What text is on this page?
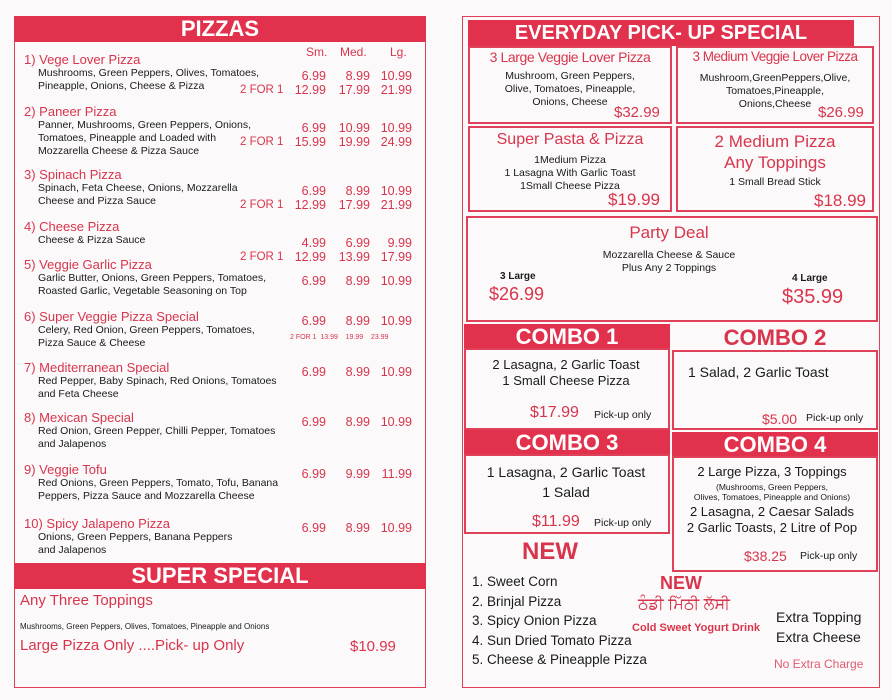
PIZZAS
Sm. Med. Lg.
1) Vege Lover Pizza
Mushrooms, Green Peppers, Olives, Tomatoes,
Pineapple, Onions, Cheese & Pizza
6.99	8.99 10.99
2 FOR 1 12.99	17.99 21.99
2) Paneer Pizza
Panner, Mushrooms, Green Peppers, Onions,
Tomatoes, Pineapple and Loaded with
Mozzarella Cheese & Pizza Sauce
6.99 10.99 10.99
2 FOR 1 15.99	19.99 24.99
3) Spinach Pizza
Spinach, Feta Cheese, Onions, Mozzarella
Cheese and Pizza Sauce
6.99	8.99 10.99
2 FOR 1 12.99	17.99 21.99
4) Cheese Pizza
Cheese & Pizza Sauce	4.99	6.99	9.99
2 FOR 1 12.99	13.99 17.99
5) Veggie Garlic Pizza
Garlic Butter, Onions, Green Peppers, Tomatoes,
Roasted Garlic, Vegetable Seasoning on Top
6.99	8.99 10.99
6) Super Veggie Pizza Special
Celery, Red Onion, Green Peppers, Tomatoes,
Pizza Sauce & Cheese
6.99	8.99 10.99
2 FOR 1  13.99    19.99    23.99
7) Mediterranean Special
Red Pepper, Baby Spinach, Red Onions, Tomatoes
and Feta Cheese
6.99	8.99 10.99
8) Mexican Special
Red Onion, Green Pepper, Chilli Pepper, Tomatoes
and Jalapenos
6.99	8.99 10.99
9) Veggie Tofu
Red Onions, Green Peppers, Tomato, Tofu, Banana
Peppers, Pizza Sauce and Mozzarella Cheese
6.99	9.99 11.99
10) Spicy Jalapeno Pizza
Onions, Green Peppers, Banana Peppers
and Jalapenos
6.99	8.99 10.99
SUPER SPECIAL
Any Three Toppings
Mushrooms, Green Peppers, Olives, Tomatoes, Pineapple and Onions
Large Pizza Only ....Pick- up Only	$10.99
EVERYDAY PICK- UP SPECIAL
3 Large Veggie Lover Pizza
Mushroom, Green Peppers,
Olive, Tomatoes, Pineapple,
Onions, Cheese
$32.99
3 Medium Veggie Lover Pizza
Mushroom,GreenPeppers,Olive,
Tomatoes,Pineapple,
Onions,Cheese $26.99
Super Pasta & Pizza
1Medium Pizza
1 Lasagna With Garlic Toast
1Small Cheese Pizza
$19.99
2 Medium Pizza
Any Toppings
1 Small Bread Stick
$18.99
Party Deal
Mozzarella Cheese & Sauce
Plus Any 2 Toppings
3 Large
$26.99
4 Large
$35.99
COMBO 1
2 Lasagna, 2 Garlic Toast
1 Small Cheese Pizza
$17.99 Pick-up only
COMBO 2
1 Salad, 2 Garlic Toast
$5.00 Pick-up only
COMBO 3
1 Lasagna, 2 Garlic Toast
1 Salad
$11.99 Pick-up only
COMBO 4
2 Large Pizza, 3 Toppings
(Mushrooms, Green Peppers,
Olives, Tomatoes, Pineapple and Onions)
2 Lasagna, 2 Caesar Salads
2 Garlic Toasts, 2 Litre of Pop
$38.25 Pick-up only
NEW
1. Sweet Corn
2. Brinjal Pizza
3. Spicy Onion Pizza
4. Sun Dried Tomato Pizza
5. Cheese & Pineapple Pizza
NEW
ਠੰਡੀ ਮਿੱਠੀ ਲੱਸੀ
Cold Sweet Yogurt Drink
Extra Topping
Extra Cheese
No Extra Charge
